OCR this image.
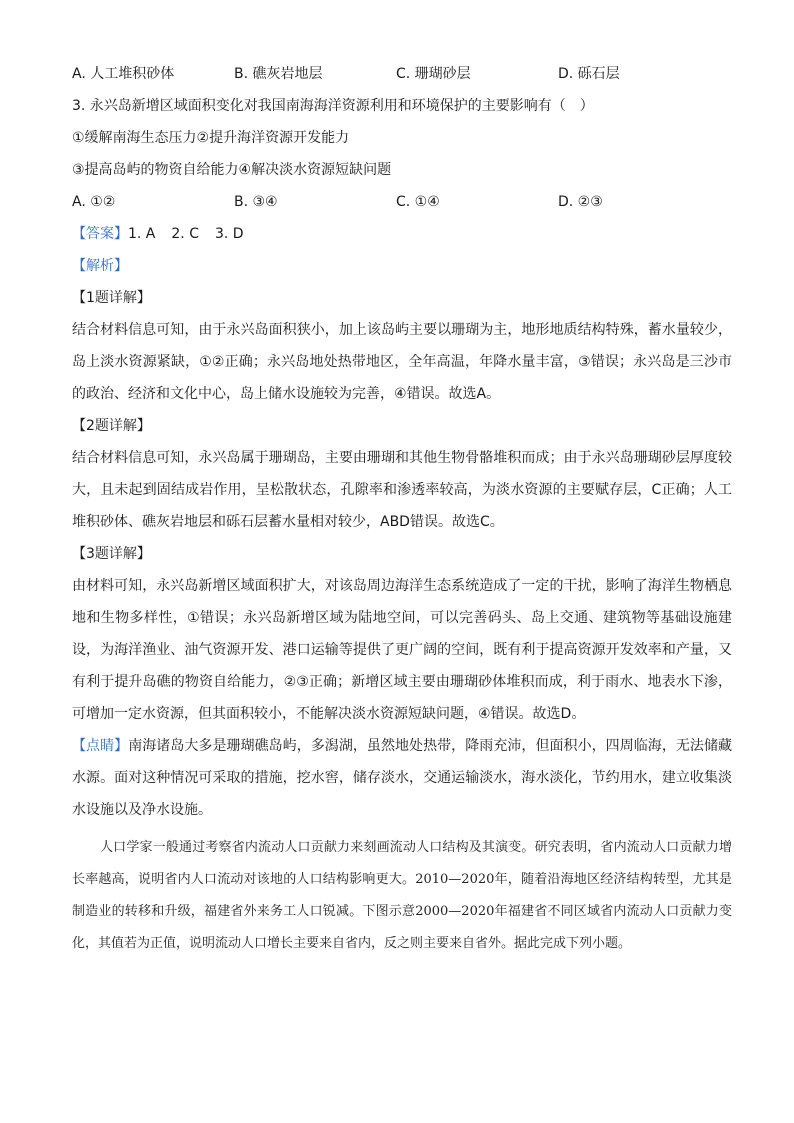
A. 人工堆积砂体	B. 礁灰岩地层	C. 珊瑚砂层	D. 砾石层
3. 永兴岛新增区域面积变化对我国南海海洋资源利用和环境保护的主要影响有（　）
①缓解南海生态压力②提升海洋资源开发能力
③提高岛屿的物资自给能力④解决淡水资源短缺问题
A. ①②	B. ③④	C. ①④	D. ②③
【答案】1. A 2. C 3. D
【解析】
【1题详解】
结合材料信息可知，由于永兴岛面积狭小，加上该岛屿主要以珊瑚为主，地形地质结构特殊，蓄水量较少，岛上淡水资源紧缺，①②正确；永兴岛地处热带地区，全年高温，年降水量丰富，③错误；永兴岛是三沙市的政治、经济和文化中心，岛上储水设施较为完善，④错误。故选A。
【2题详解】
结合材料信息可知，永兴岛属于珊瑚岛，主要由珊瑚和其他生物骨骼堆积而成；由于永兴岛珊瑚砂层厚度较大，且未起到固结成岩作用，呈松散状态，孔隙率和渗透率较高，为淡水资源的主要赋存层，C正确；人工堆积砂体、礁灰岩地层和砾石层蓄水量相对较少，ABD错误。故选C。
【3题详解】
由材料可知，永兴岛新增区域面积扩大，对该岛周边海洋生态系统造成了一定的干扰，影响了海洋生物栖息地和生物多样性，①错误；永兴岛新增区域为陆地空间，可以完善码头、岛上交通、建筑物等基础设施建设，为海洋渔业、油气资源开发、港口运输等提供了更广阔的空间，既有利于提高资源开发效率和产量，又有利于提升岛礁的物资自给能力，②③正确；新增区域主要由珊瑚砂体堆积而成，利于雨水、地表水下渗，可增加一定水资源，但其面积较小，不能解决淡水资源短缺问题，④错误。故选D。
【点睛】南海诸岛大多是珊瑚礁岛屿，多潟湖，虽然地处热带，降雨充沛，但面积小，四周临海，无法储藏水源。面对这种情况可采取的措施，挖水窖，储存淡水，交通运输淡水，海水淡化，节约用水，建立收集淡水设施以及净水设施。
人口学家一般通过考察省内流动人口贡献力来刻画流动人口结构及其演变。研究表明，省内流动人口贡献力增长率越高，说明省内人口流动对该地的人口结构影响更大。2010—2020年，随着沿海地区经济结构转型，尤其是制造业的转移和升级，福建省外来务工人口锐减。下图示意2000—2020年福建省不同区域省内流动人口贡献力变化，其值若为正值，说明流动人口增长主要来自省内，反之则主要来自省外。据此完成下列小题。
